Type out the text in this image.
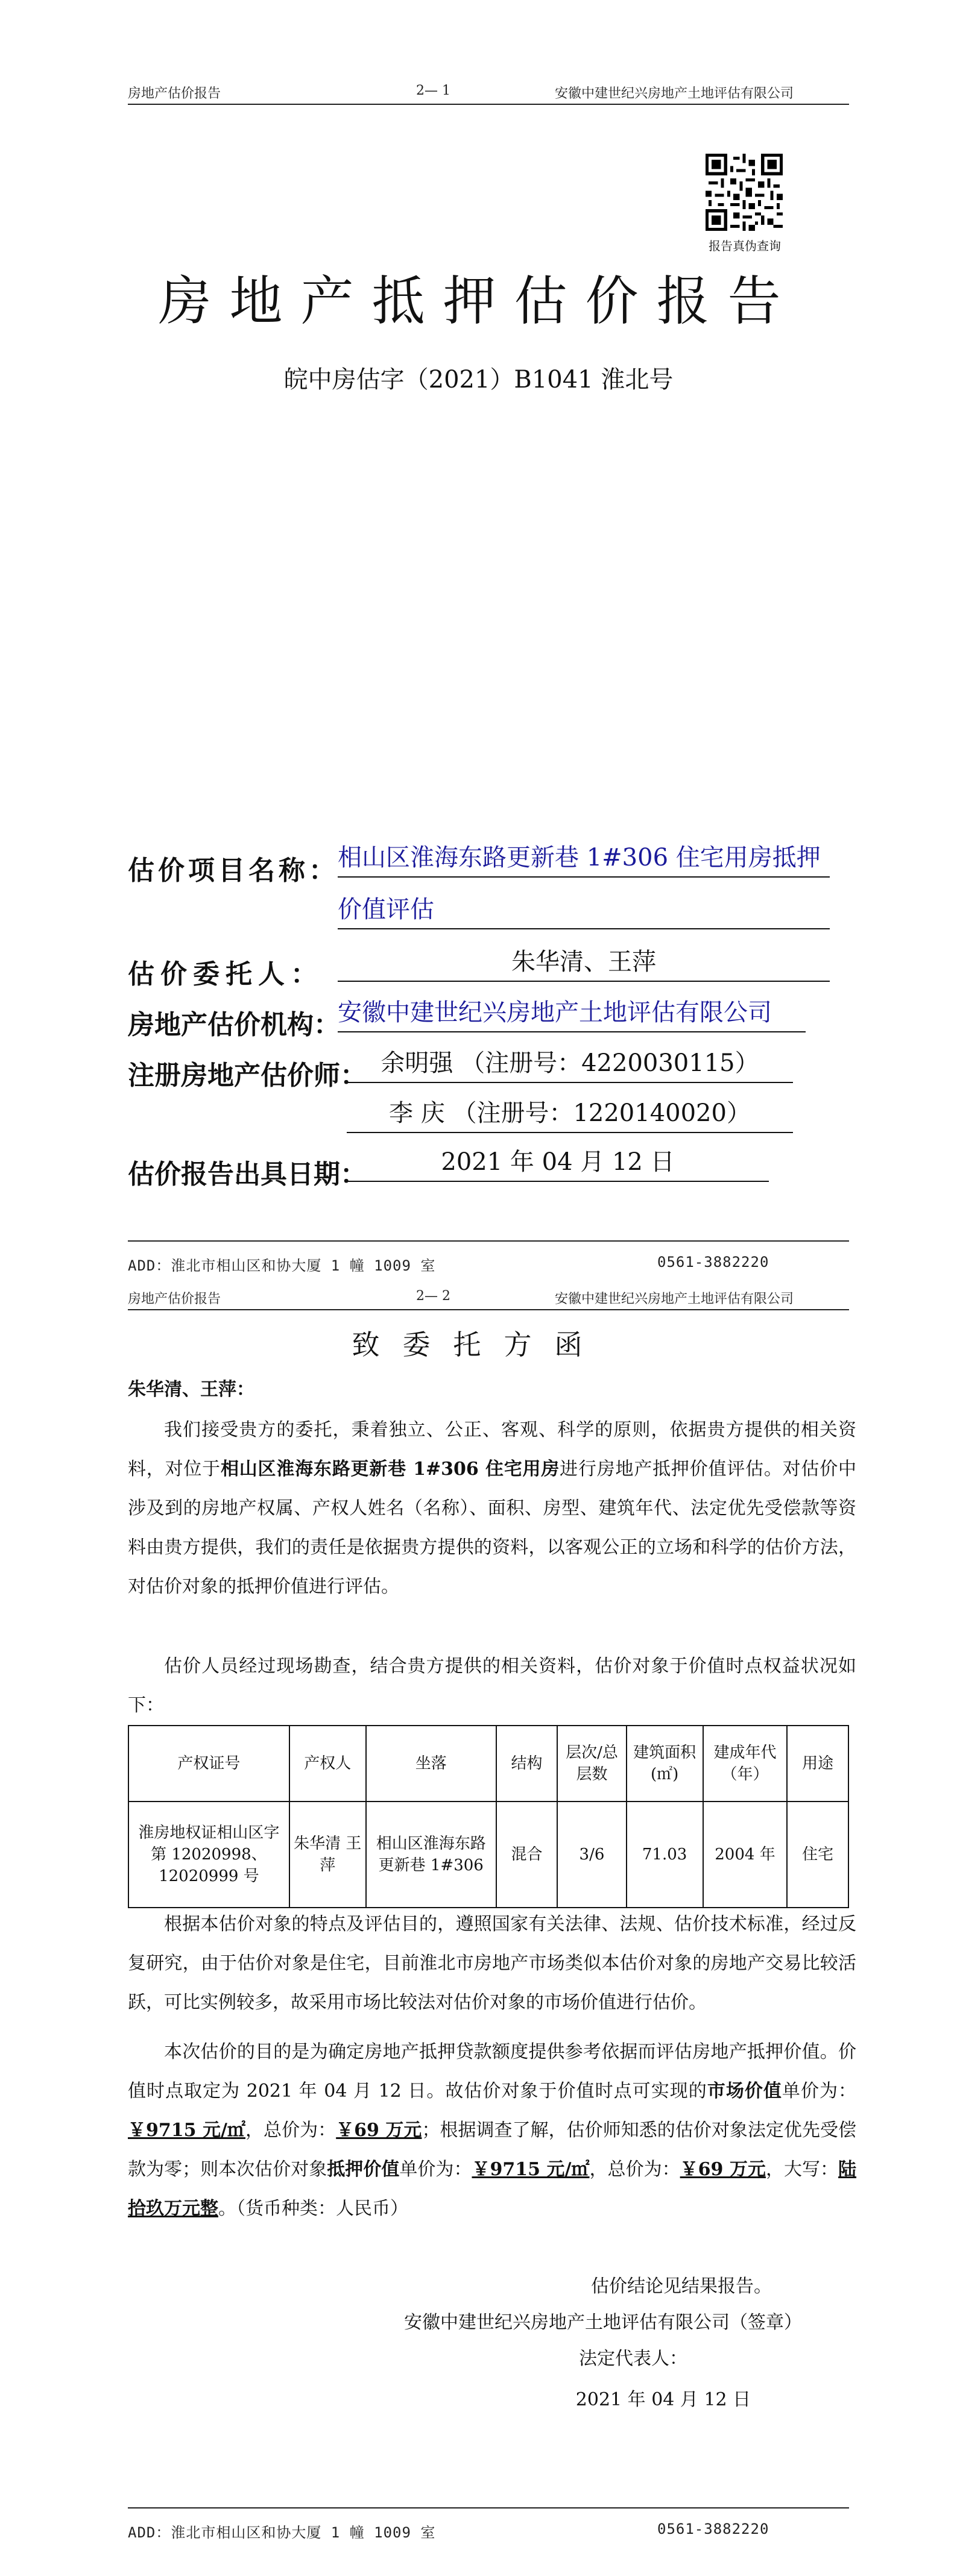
房地产估价报告	2— 1	安徽中建世纪兴房地产土地评估有限公司
报告真伪查询
房地产抵押估价报告
皖中房估字（2021）B1041 淮北号
估价项目名称：
相山区淮海东路更新巷 1#306 住宅用房抵押
价值评估
估价委托人：	朱华清、王萍
房地产估价机构：
安徽中建世纪兴房地产土地评估有限公司
注册房地产估价师： 余明强 （注册号：4220030115）
李 庆 （注册号：1220140020）
估价报告出具日期：	2021 年 04 月 12 日
ADD：淮北市相山区和协大厦 1 幢 1009 室	0561-3882220
房地产估价报告	2— 2	安徽中建世纪兴房地产土地评估有限公司
致委托方函
朱华清、王萍：
我们接受贵方的委托，秉着独立、公正、客观、科学的原则，依据贵方提供的相关资料，对位于相山区淮海东路更新巷 1#306 住宅用房进行房地产抵押价值评估。对估价中涉及到的房地产权属、产权人姓名（名称）、面积、房型、建筑年代、法定优先受偿款等资料由贵方提供，我们的责任是依据贵方提供的资料，以客观公正的立场和科学的估价方法，对估价对象的抵押价值进行评估。
估价人员经过现场勘查，结合贵方提供的相关资料，估价对象于价值时点权益状况如下：
产权证号	产权人	坐落	结构	层次/总层数	建筑面积(㎡)	建成年代（年）	用途
淮房地权证相山区字第 12020998、12020999 号	朱华清 王萍	相山区淮海东路更新巷 1#306	混合	3/6	71.03	2004 年	住宅
根据本估价对象的特点及评估目的，遵照国家有关法律、法规、估价技术标准，经过反复研究，由于估价对象是住宅，目前淮北市房地产市场类似本估价对象的房地产交易比较活跃，可比实例较多，故采用市场比较法对估价对象的市场价值进行估价。
本次估价的目的是为确定房地产抵押贷款额度提供参考依据而评估房地产抵押价值。价值时点取定为 2021 年 04 月 12 日。故估价对象于价值时点可实现的市场价值单价为：￥9715 元/㎡，总价为：￥69 万元；根据调查了解，估价师知悉的估价对象法定优先受偿款为零；则本次估价对象抵押价值单价为：￥9715 元/㎡，总价为：￥69 万元，大写：陆拾玖万元整。（货币种类：人民币）
估价结论见结果报告。
安徽中建世纪兴房地产土地评估有限公司（签章）
法定代表人：
2021 年 04 月 12 日
ADD：淮北市相山区和协大厦 1 幢 1009 室	0561-3882220
